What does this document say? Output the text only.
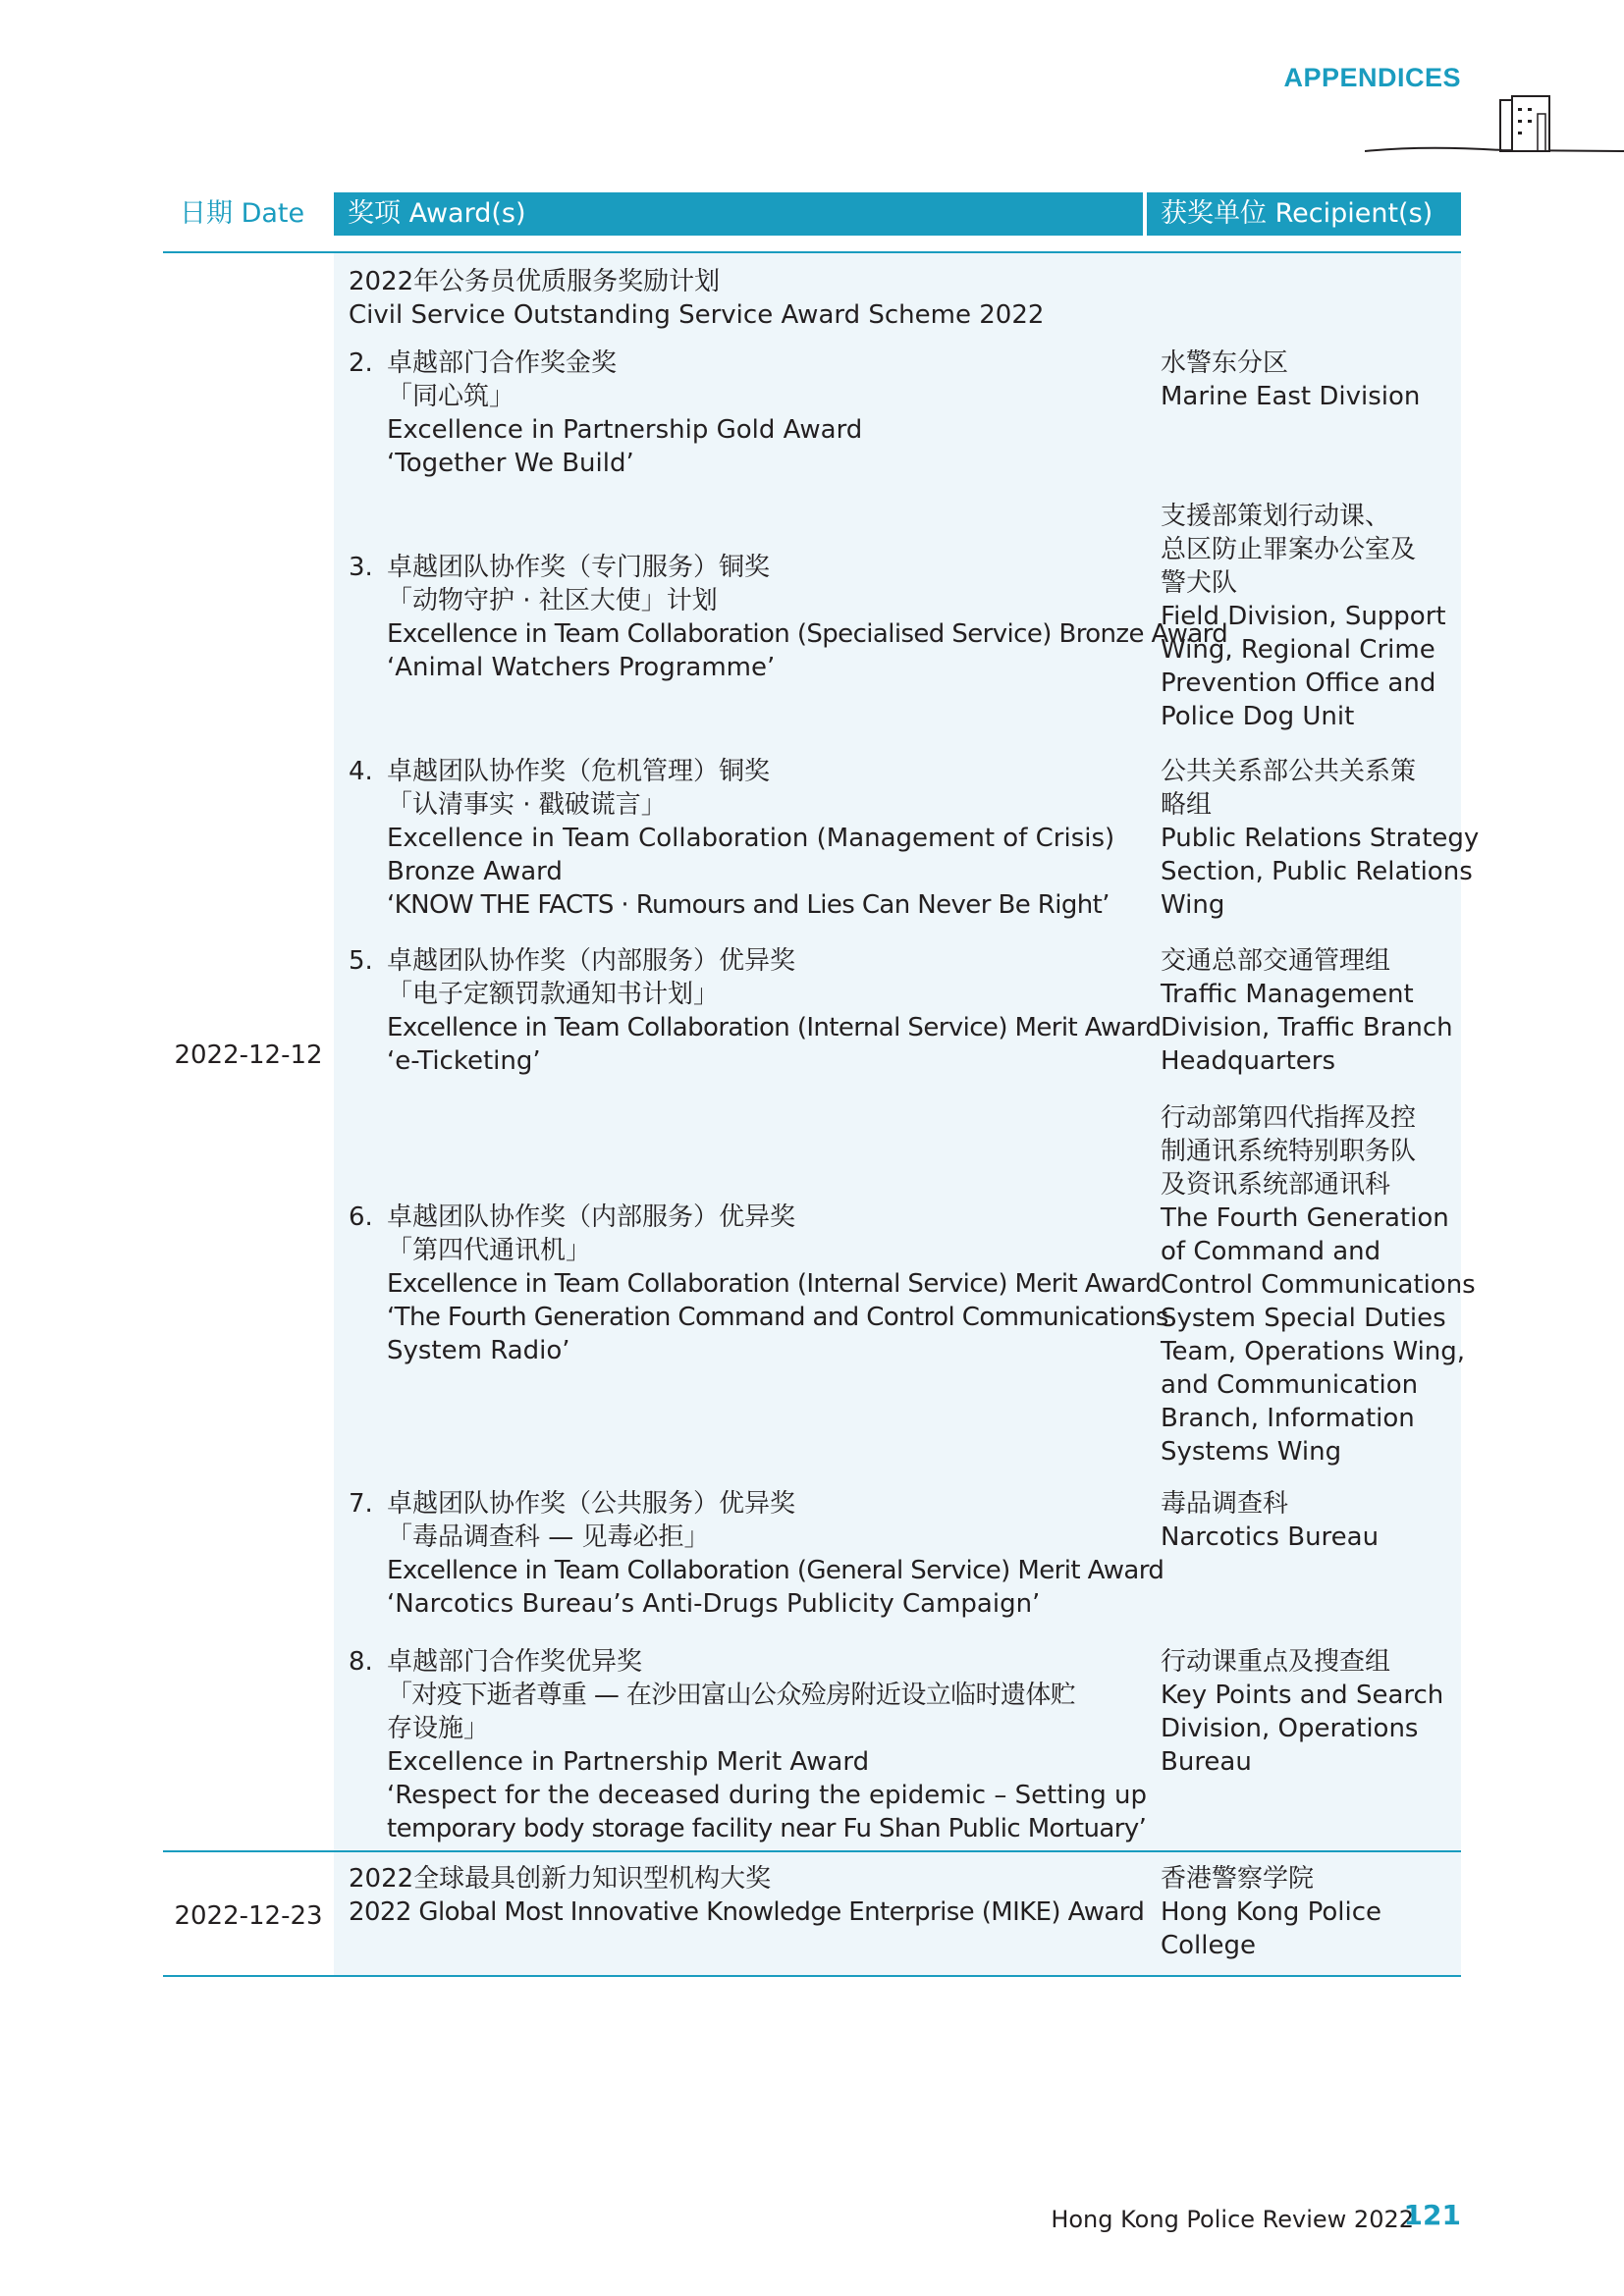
APPENDICES
日期 Date	奖项 Award(s)	获奖单位 Recipient(s)
2022-12-12
2022年公务员优质服务奖励计划
Civil Service Outstanding Service Award Scheme 2022
2. 卓越部门合作奖金奖
「同心筑」
Excellence in Partnership Gold Award
‘Together We Build’
水警东分区
Marine East Division
3. 卓越团队协作奖（专门服务）铜奖
「动物守护 · 社区大使」计划
Excellence in Team Collaboration (Specialised Service) Bronze Award
‘Animal Watchers Programme’
支援部策划行动课、
总区防止罪案办公室及
警犬队
Field Division, Support
Wing, Regional Crime
Prevention Office and
Police Dog Unit
4. 卓越团队协作奖（危机管理）铜奖
「认清事实 · 戳破谎言」
Excellence in Team Collaboration (Management of Crisis)
Bronze Award
‘KNOW THE FACTS · Rumours and Lies Can Never Be Right’
公共关系部公共关系策
略组
Public Relations Strategy
Section, Public Relations
Wing
5. 卓越团队协作奖（内部服务）优异奖
「电子定额罚款通知书计划」
Excellence in Team Collaboration (Internal Service) Merit Award
‘e-Ticketing’
交通总部交通管理组
Traffic Management
Division, Traffic Branch
Headquarters
6. 卓越团队协作奖（内部服务）优异奖
「第四代通讯机」
Excellence in Team Collaboration (Internal Service) Merit Award
‘The Fourth Generation Command and Control Communications
System Radio’
行动部第四代指挥及控
制通讯系统特别职务队
及资讯系统部通讯科
The Fourth Generation
of Command and
Control Communications
System Special Duties
Team, Operations Wing,
and Communication
Branch, Information
Systems Wing
7. 卓越团队协作奖（公共服务）优异奖
「毒品调查科 — 见毒必拒」
Excellence in Team Collaboration (General Service) Merit Award
‘Narcotics Bureau’s Anti-Drugs Publicity Campaign’
毒品调查科
Narcotics Bureau
8. 卓越部门合作奖优异奖
「对疫下逝者尊重 — 在沙田富山公众殓房附近设立临时遗体贮
存设施」
Excellence in Partnership Merit Award
‘Respect for the deceased during the epidemic – Setting up
temporary body storage facility near Fu Shan Public Mortuary’
行动课重点及搜查组
Key Points and Search
Division, Operations
Bureau
2022-12-23
2022全球最具创新力知识型机构大奖
2022 Global Most Innovative Knowledge Enterprise (MIKE) Award
香港警察学院
Hong Kong Police
College
Hong Kong Police Review 2022
121
